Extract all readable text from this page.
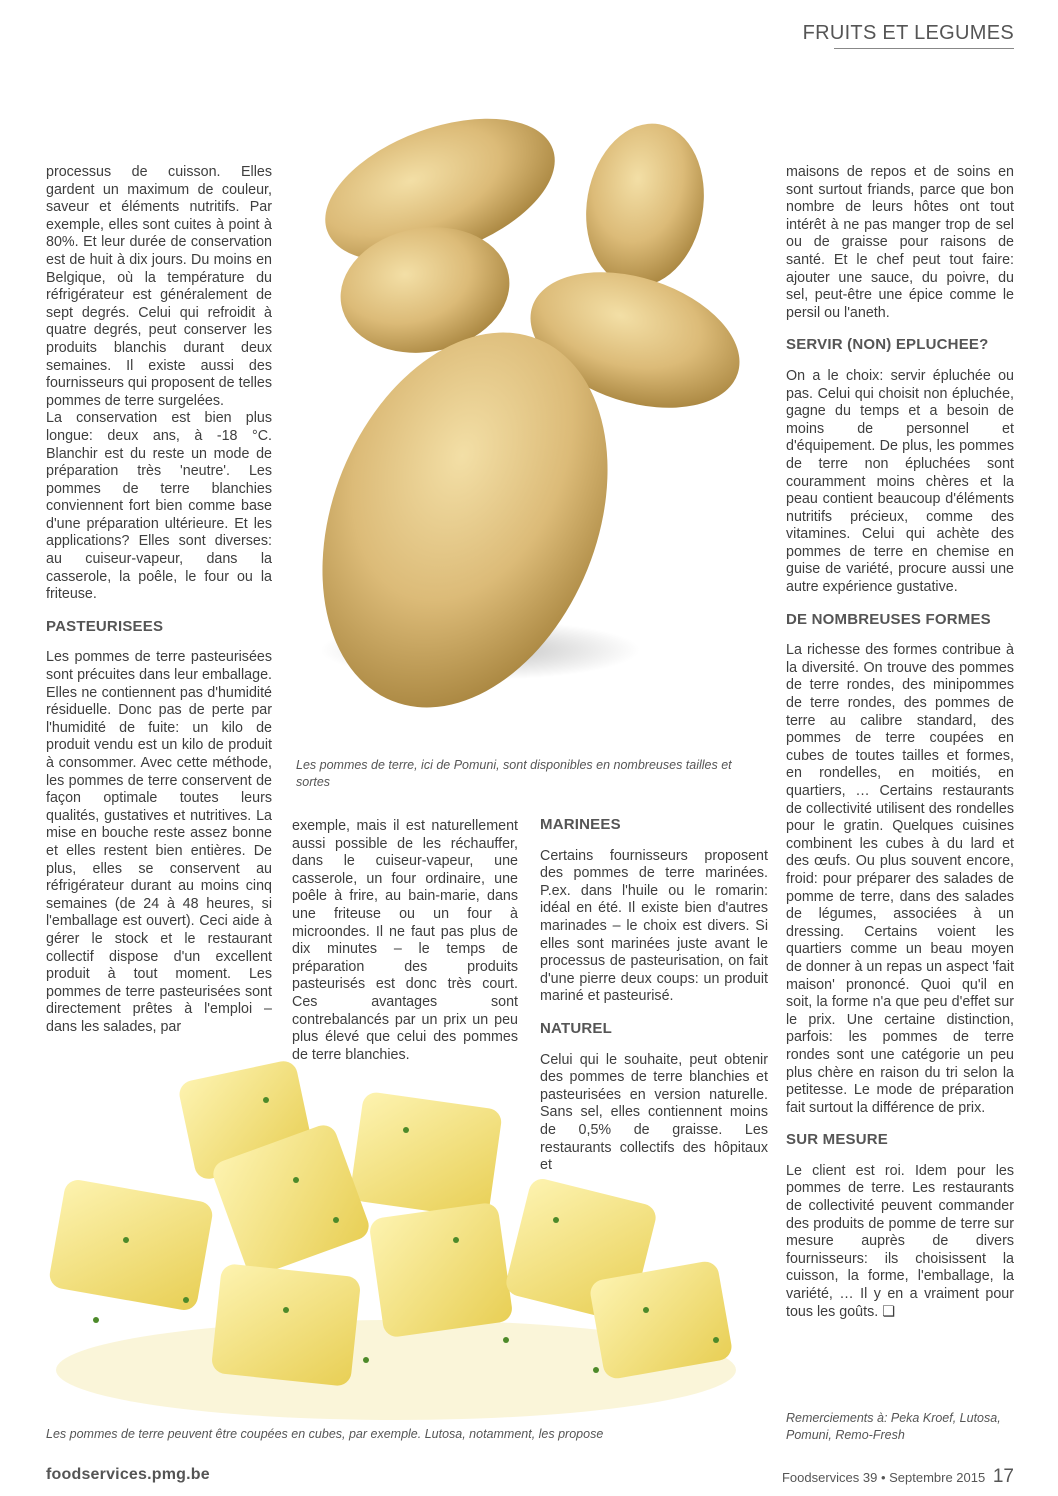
FRUITS ET LEGUMES

processus de cuisson. Elles gardent un maximum de couleur, saveur et éléments nutritifs. Par exemple, elles sont cuites à point à 80%. Et leur durée de conservation est de huit à dix jours. Du moins en Belgique, où la température du réfrigérateur est généralement de sept degrés. Celui qui refroidit à quatre degrés, peut conserver les produits blanchis durant deux semaines. Il existe aussi des fournisseurs qui proposent de telles pommes de terre surgelées.

La conservation est bien plus longue: deux ans, à -18 °C. Blanchir est du reste un mode de préparation très 'neutre'. Les pommes de terre blanchies conviennent fort bien comme base d'une préparation ultérieure. Et les applications? Elles sont diverses: au cuiseur-vapeur, dans la casserole, la poêle, le four ou la friteuse.

PASTEURISEES

Les pommes de terre pasteurisées sont précuites dans leur emballage. Elles ne contiennent pas d'humidité résiduelle. Donc pas de perte par l'humidité de fuite: un kilo de produit vendu est un kilo de produit à consommer. Avec cette méthode, les pommes de terre conservent de façon optimale toutes leurs qualités, gustatives et nutritives. La mise en bouche reste assez bonne et elles restent bien entières. De plus, elles se conservent au réfrigérateur durant au moins cinq semaines (de 24 à 48 heures, si l'emballage est ouvert). Ceci aide à gérer le stock et le restaurant collectif dispose d'un excellent produit à tout moment. Les pommes de terre pasteurisées sont directement prêtes à l'emploi – dans les salades, par

Les pommes de terre, ici de Pomuni, sont disponibles en nombreuses tailles et sortes

exemple, mais il est naturellement aussi possible de les réchauffer, dans le cuiseur-vapeur, une casserole, un four ordinaire, une poêle à frire, au bain-marie, dans une friteuse ou un four à microondes. Il ne faut pas plus de dix minutes – le temps de préparation des produits pasteurisés est donc très court. Ces avantages sont contrebalancés par un prix un peu plus élevé que celui des pommes de terre blanchies.

MARINEES

Certains fournisseurs proposent des pommes de terre marinées. P.ex. dans l'huile ou le romarin: idéal en été. Il existe bien d'autres marinades – le choix est divers. Si elles sont marinées juste avant le processus de pasteurisation, on fait d'une pierre deux coups: un produit mariné et pasteurisé.

NATUREL

Celui qui le souhaite, peut obtenir des pommes de terre blanchies et pasteurisées en version naturelle. Sans sel, elles contiennent moins de 0,5% de graisse. Les restaurants collectifs des hôpitaux et

maisons de repos et de soins en sont surtout friands, parce que bon nombre de leurs hôtes ont tout intérêt à ne pas manger trop de sel ou de graisse pour raisons de santé. Et le chef peut tout faire: ajouter une sauce, du poivre, du sel, peut-être une épice comme le persil ou l'aneth.

SERVIR (NON) EPLUCHEE?

On a le choix: servir épluchée ou pas. Celui qui choisit non épluchée, gagne du temps et a besoin de moins de personnel et d'équipement. De plus, les pommes de terre non épluchées sont couramment moins chères et la peau contient beaucoup d'éléments nutritifs précieux, comme des vitamines. Celui qui achète des pommes de terre en chemise en guise de variété, procure aussi une autre expérience gustative.

DE NOMBREUSES FORMES

La richesse des formes contribue à la diversité. On trouve des pommes de terre rondes, des minipommes de terre rondes, des pommes de terre au calibre standard, des pommes de terre coupées en cubes de toutes tailles et formes, en rondelles, en moitiés, en quartiers, … Certains restaurants de collectivité utilisent des rondelles pour le gratin. Quelques cuisines combinent les cubes à du lard et des œufs. Ou plus souvent encore, froid: pour préparer des salades de pomme de terre, dans des salades de légumes, associées à un dressing. Certains voient les quartiers comme un beau moyen de donner à un repas un aspect 'fait maison' prononcé. Quoi qu'il en soit, la forme n'a que peu d'effet sur le prix. Une certaine distinction, parfois: les pommes de terre rondes sont une catégorie un peu plus chère en raison du tri selon la petitesse. Le mode de préparation fait surtout la différence de prix.

SUR MESURE

Le client est roi. Idem pour les pommes de terre. Les restaurants de collectivité peuvent commander des produits de pomme de terre sur mesure auprès de divers fournisseurs: ils choisissent la cuisson, la forme, l'emballage, la variété, … Il y en a vraiment pour tous les goûts. ❏

Les pommes de terre peuvent être coupées en cubes, par exemple. Lutosa, notamment, les propose
Remerciements à: Peka Kroef, Lutosa, Pomuni, Remo-Fresh
foodservices.pmg.be	Foodservices 39 • Septembre 2015 17
